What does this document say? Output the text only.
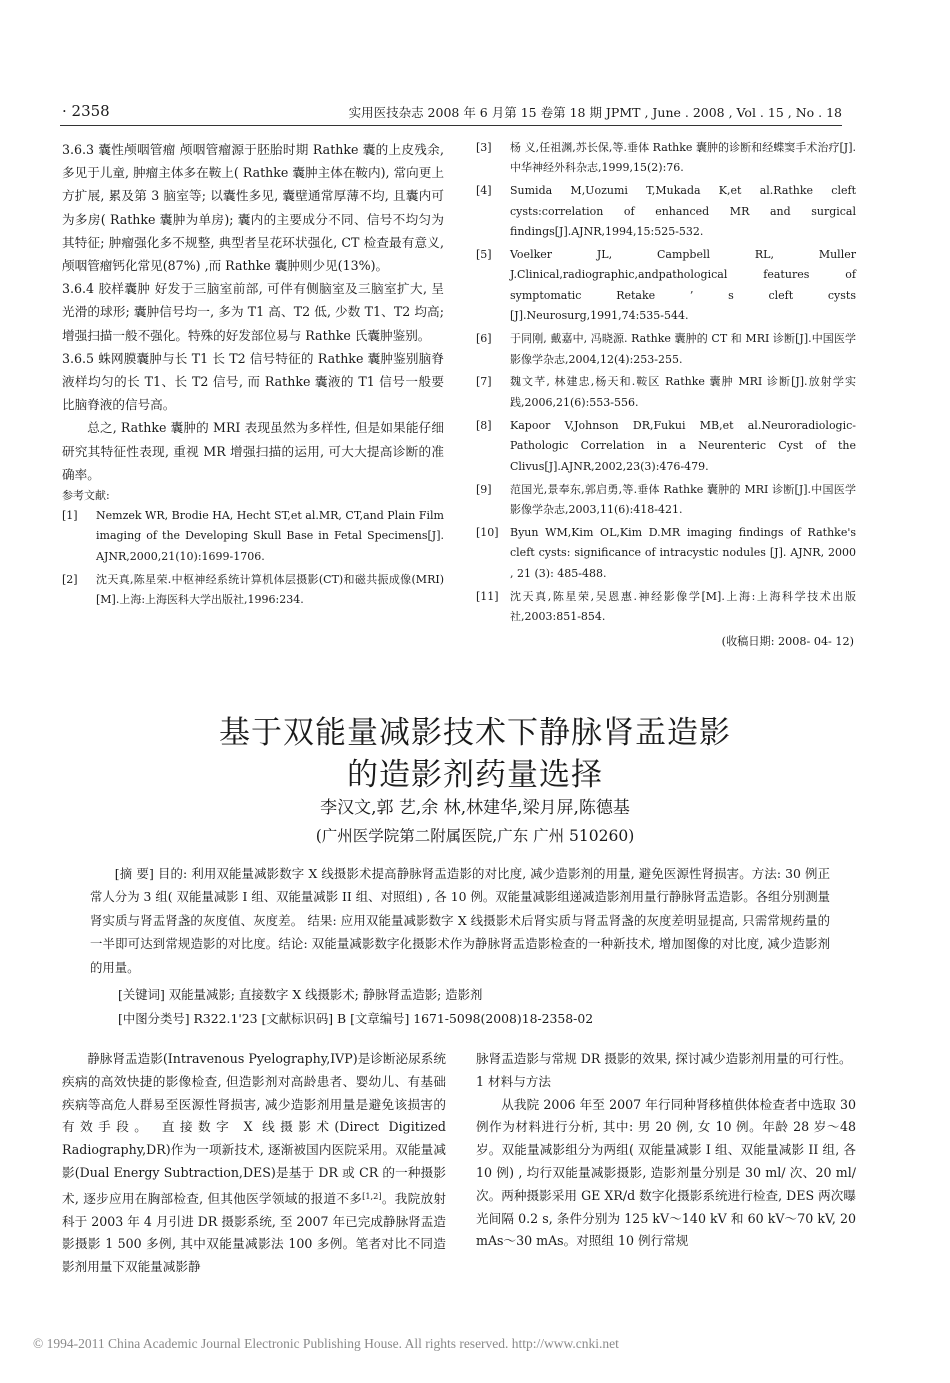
· 2358	实用医技杂志 2008 年 6 月第 15 卷第 18 期 JPMT , June . 2008 , Vol . 15 , No . 18

3.6.3 囊性颅咽管瘤 颅咽管瘤源于胚胎时期 Rathke 囊的上皮残余, 多见于儿童, 肿瘤主体多在鞍上( Rathke 囊肿主体在鞍内), 常向更上方扩展, 累及第 3 脑室等; 以囊性多见, 囊壁通常厚薄不均, 且囊内可为多房( Rathke 囊肿为单房); 囊内的主要成分不同、信号不均匀为其特征; 肿瘤强化多不规整, 典型者呈花环状强化, CT 检查最有意义, 颅咽管瘤钙化常见(87%) ,而 Rathke 囊肿则少见(13%)。

3.6.4 胶样囊肿 好发于三脑室前部, 可伴有侧脑室及三脑室扩大, 呈光滑的球形; 囊肿信号均一, 多为 T1 高、T2 低, 少数 T1、T2 均高; 增强扫描一般不强化。特殊的好发部位易与 Rathke 氏囊肿鉴别。

3.6.5 蛛网膜囊肿与长 T1 长 T2 信号特征的 Rathke 囊肿鉴别脑脊液样均匀的长 T1、长 T2 信号, 而 Rathke 囊液的 T1 信号一般要比脑脊液的信号高。

总之, Rathke 囊肿的 MRI 表现虽然为多样性, 但是如果能仔细研究其特征性表现, 重视 MR 增强扫描的运用, 可大大提高诊断的准确率。

参考文献:

[1]	Nemzek WR, Brodie HA, Hecht ST,et al.MR, CT,and Plain Film imaging of the Developing Skull Base in Fetal Specimens[J]. AJNR,2000,21(10):1699-1706.
[2]	沈天真,陈星荣.中枢神经系统计算机体层摄影(CT)和磁共振成像(MRI)[M].上海:上海医科大学出版社,1996:234.
[3]	杨 义,任祖渊,苏长保,等.垂体 Rathke 囊肿的诊断和经蝶窦手术治疗[J].中华神经外科杂志,1999,15(2):76.
[4]	Sumida M,Uozumi T,Mukada K,et al.Rathke cleft cysts:correlation of enhanced MR and surgical findings[J].AJNR,1994,15:525-532.
[5]	Voelker JL, Campbell RL, Muller J.Clinical,radiographic,andpathological features of symptomatic Retake ’ s cleft cysts [J].Neurosurg,1991,74:535-544.
[6]	于同刚, 戴嘉中, 冯晓源. Rathke 囊肿的 CT 和 MRI 诊断[J].中国医学影像学杂志,2004,12(4):253-255.
[7]	魏文芊, 林建忠,杨天和.鞍区 Rathke 囊肿 MRI 诊断[J].放射学实践,2006,21(6):553-556.
[8]	Kapoor V,Johnson DR,Fukui MB,et al.Neuroradiologic-Pathologic Correlation in a Neurenteric Cyst of the Clivus[J].AJNR,2002,23(3):476-479.
[9]	范国光,景奉东,郭启勇,等.垂体 Rathke 囊肿的 MRI 诊断[J].中国医学影像学杂志,2003,11(6):418-421.
[10]	Byun WM,Kim OL,Kim D.MR imaging findings of Rathke's cleft cysts: significance of intracystic nodules [J]. AJNR, 2000 , 21 (3): 485-488.
[11]	沈天真,陈星荣,吴恩惠.神经影像学[M].上海:上海科学技术出版社,2003:851-854.
(收稿日期: 2008- 04- 12)
基于双能量减影技术下静脉肾盂造影
的造影剂药量选择
李汉文,郭 艺,余 林,林建华,梁月屏,陈德基
(广州医学院第二附属医院,广东 广州 510260)

[摘 要] 目的: 利用双能量减影数字 X 线摄影术提高静脉肾盂造影的对比度, 减少造影剂的用量, 避免医源性肾损害。方法: 30 例正常人分为 3 组( 双能量减影 I 组、双能量减影 II 组、对照组) , 各 10 例。双能量减影组递减造影剂用量行静脉肾盂造影。各组分别测量肾实质与肾盂肾盏的灰度值、灰度差。 结果: 应用双能量减影数字 X 线摄影术后肾实质与肾盂肾盏的灰度差明显提高, 只需常规药量的一半即可达到常规造影的对比度。结论: 双能量减影数字化摄影术作为静脉肾盂造影检查的一种新技术, 增加图像的对比度, 减少造影剂的用量。

[关键词] 双能量减影; 直接数字 X 线摄影术; 静脉肾盂造影; 造影剂
[中图分类号] R322.1'23 [文献标识码] B [文章编号] 1671-5098(2008)18-2358-02

静脉肾盂造影(Intravenous Pyelography,IVP)是诊断泌尿系统疾病的高效快捷的影像检查, 但造影剂对高龄患者、婴幼儿、有基础疾病等高危人群易至医源性肾损害, 减少造影剂用量是避免该损害的有效手段。 直接数字 X 线摄影术(Direct Digitized Radiography,DR)作为一项新技术, 逐渐被国内医院采用。双能量减影(Dual Energy Subtraction,DES)是基于 DR 或 CR 的一种摄影术, 逐步应用在胸部检查, 但其他医学领域的报道不多[1,2]。我院放射科于 2003 年 4 月引进 DR 摄影系统, 至 2007 年已完成静脉肾盂造影摄影 1 500 多例, 其中双能量减影法 100 多例。笔者对比不同造影剂用量下双能量减影静

脉肾盂造影与常规 DR 摄影的效果, 探讨减少造影剂用量的可行性。

1 材料与方法

从我院 2006 年至 2007 年行同种肾移植供体检查者中选取 30 例作为材料进行分析, 其中: 男 20 例, 女 10 例。年龄 28 岁～48 岁。双能量减影组分为两组( 双能量减影 I 组、双能量减影 II 组, 各 10 例) , 均行双能量减影摄影, 造影剂量分别是 30 ml/ 次、20 ml/ 次。两种摄影采用 GE XR/d 数字化摄影系统进行检查, DES 两次曝光间隔 0.2 s, 条件分别为 125 kV～140 kV 和 60 kV～70 kV, 20 mAs～30 mAs。对照组 10 例行常规

© 1994-2011 China Academic Journal Electronic Publishing House. All rights reserved. http://www.cnki.net
